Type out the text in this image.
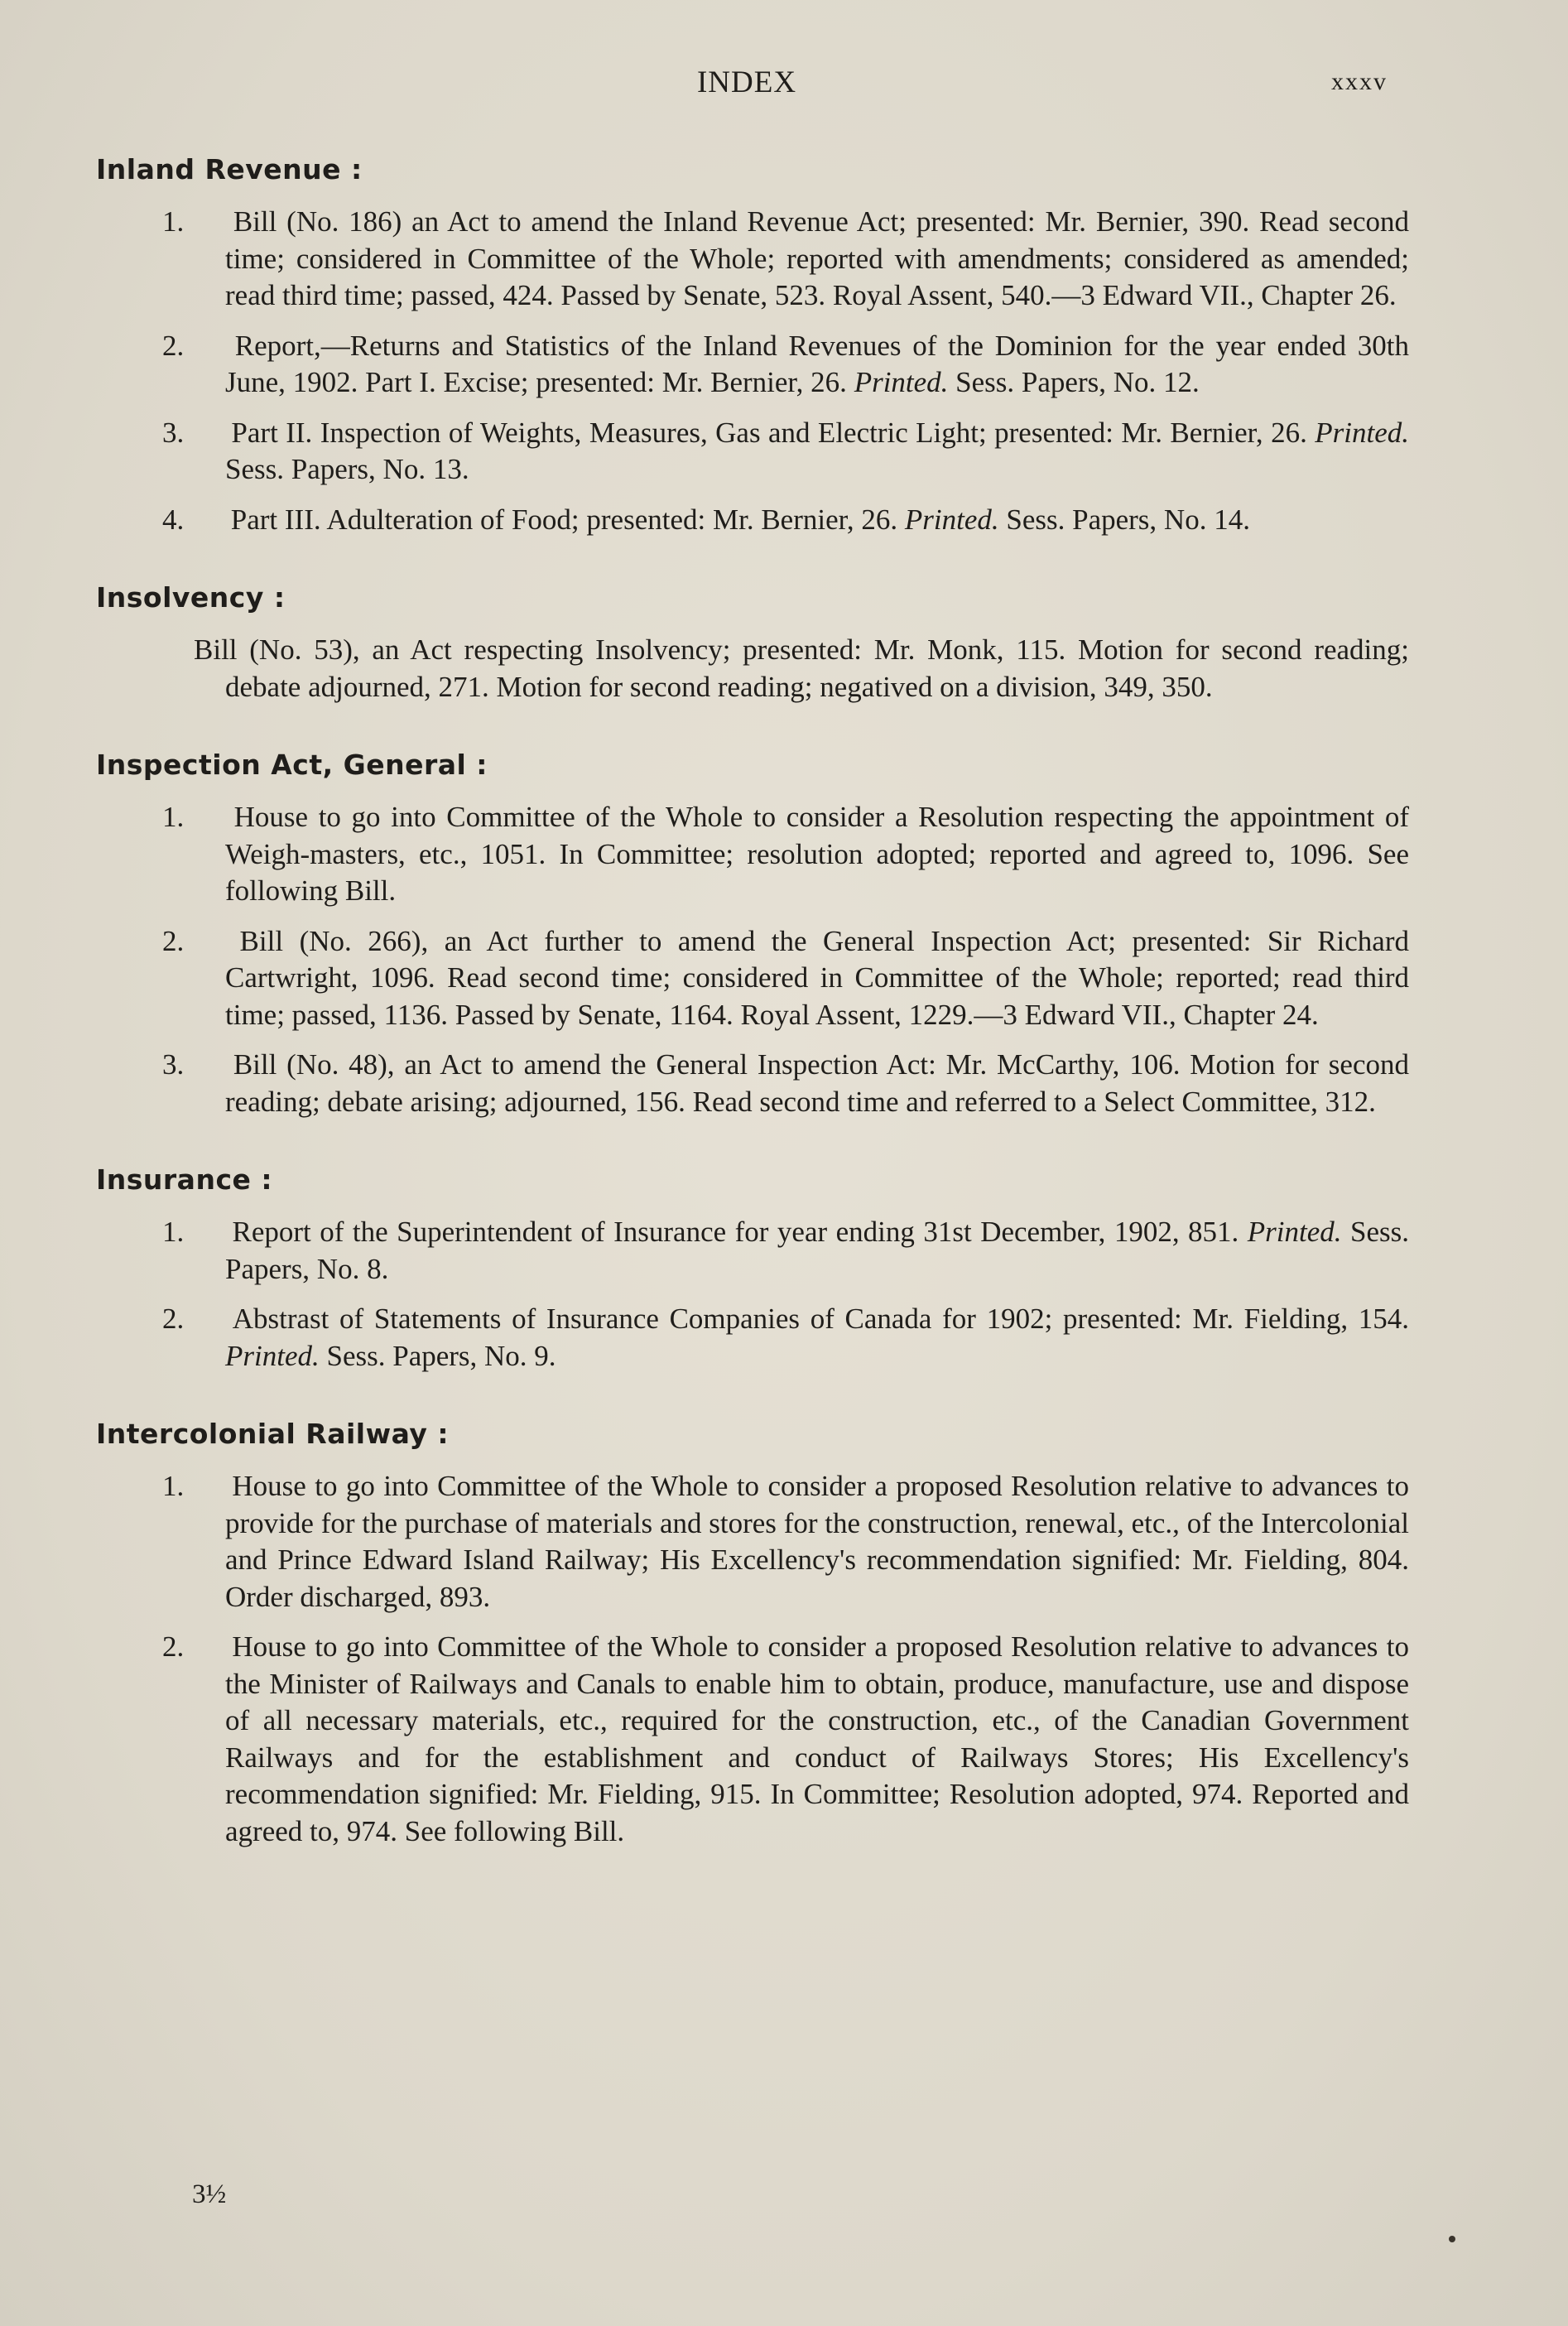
INDEX	xxxv
Inland Revenue :
1. Bill (No. 186) an Act to amend the Inland Revenue Act; presented: Mr. Bernier, 390. Read second time; considered in Committee of the Whole; reported with amendments; considered as amended; read third time; passed, 424. Passed by Senate, 523. Royal Assent, 540.—3 Edward VII., Chapter 26.
2. Report,—Returns and Statistics of the Inland Revenues of the Dominion for the year ended 30th June, 1902. Part I. Excise; presented: Mr. Bernier, 26. Printed. Sess. Papers, No. 12.
3. Part II. Inspection of Weights, Measures, Gas and Electric Light; presented: Mr. Bernier, 26. Printed. Sess. Papers, No. 13.
4. Part III. Adulteration of Food; presented: Mr. Bernier, 26. Printed. Sess. Papers, No. 14.
Insolvency :
Bill (No. 53), an Act respecting Insolvency; presented: Mr. Monk, 115. Motion for second reading; debate adjourned, 271. Motion for second reading; negatived on a division, 349, 350.
Inspection Act, General :
1. House to go into Committee of the Whole to consider a Resolution respecting the appointment of Weigh-masters, etc., 1051. In Committee; resolution adopted; reported and agreed to, 1096. See following Bill.
2. Bill (No. 266), an Act further to amend the General Inspection Act; presented: Sir Richard Cartwright, 1096. Read second time; considered in Committee of the Whole; reported; read third time; passed, 1136. Passed by Senate, 1164. Royal Assent, 1229.—3 Edward VII., Chapter 24.
3. Bill (No. 48), an Act to amend the General Inspection Act: Mr. McCarthy, 106. Motion for second reading; debate arising; adjourned, 156. Read second time and referred to a Select Committee, 312.
Insurance :
1. Report of the Superintendent of Insurance for year ending 31st December, 1902, 851. Printed. Sess. Papers, No. 8.
2. Abstrast of Statements of Insurance Companies of Canada for 1902; presented: Mr. Fielding, 154. Printed. Sess. Papers, No. 9.
Intercolonial Railway :
1. House to go into Committee of the Whole to consider a proposed Resolution relative to advances to provide for the purchase of materials and stores for the construction, renewal, etc., of the Intercolonial and Prince Edward Island Railway; His Excellency's recommendation signified: Mr. Fielding, 804. Order discharged, 893.
2. House to go into Committee of the Whole to consider a proposed Resolution relative to advances to the Minister of Railways and Canals to enable him to obtain, produce, manufacture, use and dispose of all necessary materials, etc., required for the construction, etc., of the Canadian Government Railways and for the establishment and conduct of Railways Stores; His Excellency's recommendation signified: Mr. Fielding, 915. In Committee; Resolution adopted, 974. Reported and agreed to, 974. See following Bill.
3½
